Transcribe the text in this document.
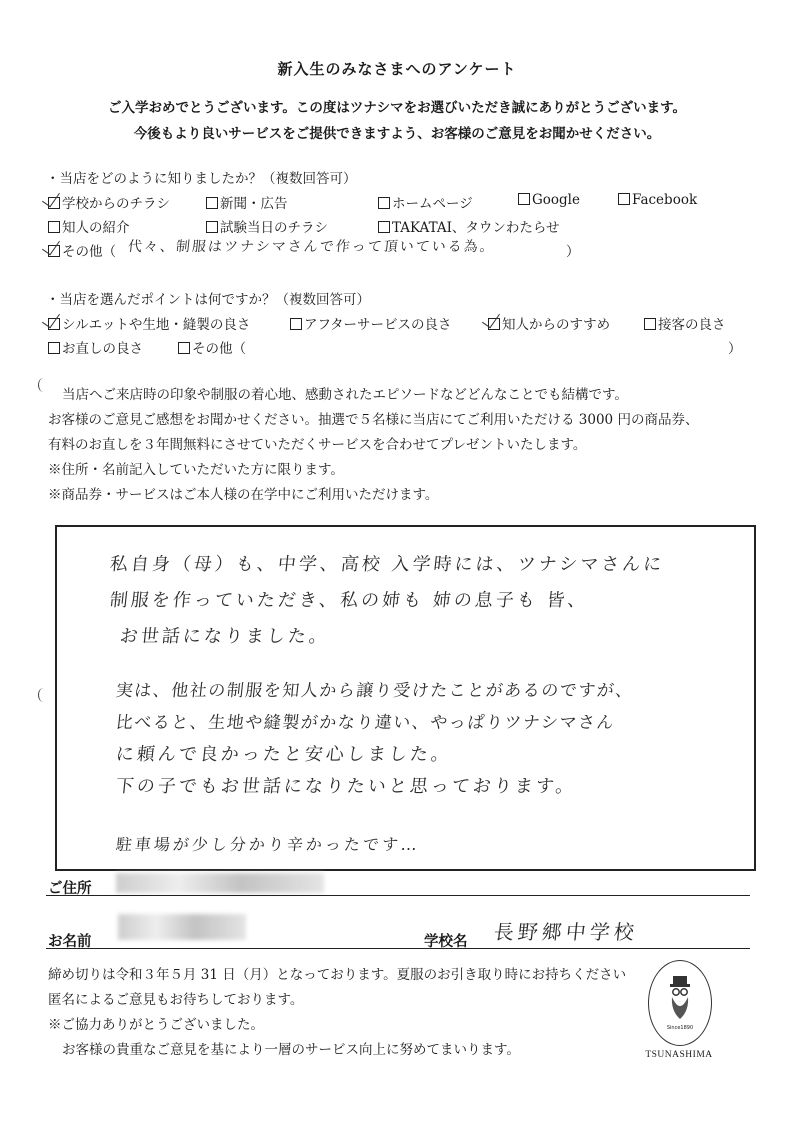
新入生のみなさまへのアンケート
ご入学おめでとうございます。この度はツナシマをお選びいただき誠にありがとうございます。
今後もより良いサービスをご提供できますよう、お客様のご意見をお聞かせください。
・当店をどのように知りましたか？（複数回答可）
学校からのチラシ	新聞・広告	ホームページ	Google	Facebook
知人の紹介	試験当日のチラシ	TAKATAI、タウンわたらせ
その他（ 代々、制服はツナシマさんで作って頂いている為。	）
・当店を選んだポイントは何ですか？（複数回答可）
シルエットや生地・縫製の良さ	アフターサービスの良さ	知人からのすすめ	接客の良さ
お直しの良さ	その他（	）
当店へご来店時の印象や制服の着心地、感動されたエピソードなどどんなことでも結構です。
お客様のご意見ご感想をお聞かせください。抽選で５名様に当店にてご利用いただける 3000 円の商品券、
有料のお直しを３年間無料にさせていただくサービスを合わせてプレゼントいたします。
※住所・名前記入していただいた方に限ります。
※商品券・サービスはご本人様の在学中にご利用いただけます。
私自身（母）も、中学、高校 入学時には、ツナシマさんに
制服を作っていただき、私の姉も 姉の息子も 皆、
お世話になりました。
実は、他社の制服を知人から譲り受けたことがあるのですが、
比べると、生地や縫製がかなり違い、やっぱりツナシマさん
に頼んで良かったと安心しました。
下の子でもお世話になりたいと思っております。
駐車場が少し分かり辛かったです…
ご住所
お名前	学校名 長野郷中学校
締め切りは令和３年５月 31 日（月）となっております。夏服のお引き取り時にお持ちください
匿名によるご意見もお待ちしております。
※ご協力ありがとうございました。
お客様の貴重なご意見を基により一層のサービス向上に努めてまいります。
Since1890
TSUNASHIMA
